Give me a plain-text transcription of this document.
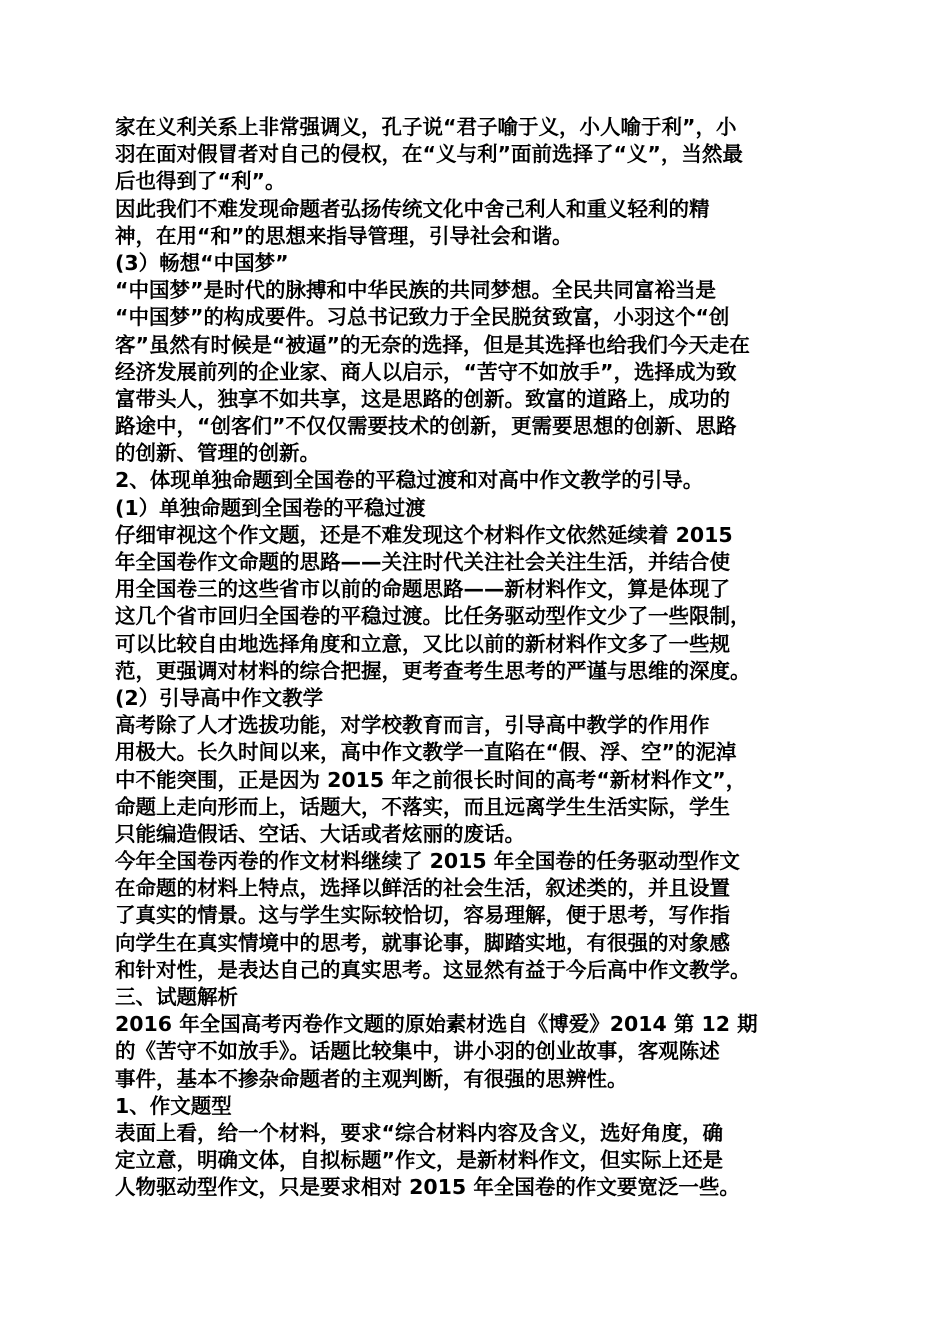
家在义利关系上非常强调义，孔子说“君子喻于义，小人喻于利”，小
羽在面对假冒者对自己的侵权，在“义与利”面前选择了“义”，当然最
后也得到了“利”。
因此我们不难发现命题者弘扬传统文化中舍己利人和重义轻利的精
神，在用“和”的思想来指导管理，引导社会和谐。
(3）畅想“中国梦”
“中国梦”是时代的脉搏和中华民族的共同梦想。全民共同富裕当是
“中国梦”的构成要件。习总书记致力于全民脱贫致富，小羽这个“创
客”虽然有时候是“被逼”的无奈的选择，但是其选择也给我们今天走在
经济发展前列的企业家、商人以启示，“苦守不如放手”，选择成为致
富带头人，独享不如共享，这是思路的创新。致富的道路上，成功的
路途中，“创客们”不仅仅需要技术的创新，更需要思想的创新、思路
的创新、管理的创新。
2、体现单独命题到全国卷的平稳过渡和对高中作文教学的引导。
(1）单独命题到全国卷的平稳过渡
仔细审视这个作文题，还是不难发现这个材料作文依然延续着 2015
年全国卷作文命题的思路——关注时代关注社会关注生活，并结合使
用全国卷三的这些省市以前的命题思路——新材料作文，算是体现了
这几个省市回归全国卷的平稳过渡。比任务驱动型作文少了一些限制，
可以比较自由地选择角度和立意，又比以前的新材料作文多了一些规
范，更强调对材料的综合把握，更考查考生思考的严谨与思维的深度。
(2）引导高中作文教学
高考除了人才选拔功能，对学校教育而言，引导高中教学的作用作
用极大。长久时间以来，高中作文教学一直陷在“假、浮、空”的泥淖
中不能突围，正是因为 2015 年之前很长时间的高考“新材料作文”，
命题上走向形而上，话题大，不落实，而且远离学生生活实际，学生
只能编造假话、空话、大话或者炫丽的废话。
今年全国卷丙卷的作文材料继续了 2015 年全国卷的任务驱动型作文
在命题的材料上特点，选择以鲜活的社会生活，叙述类的，并且设置
了真实的情景。这与学生实际较恰切，容易理解，便于思考，写作指
向学生在真实情境中的思考，就事论事，脚踏实地，有很强的对象感
和针对性，是表达自己的真实思考。这显然有益于今后高中作文教学。
三、试题解析
2016 年全国高考丙卷作文题的原始素材选自《博爱》2014 第 12 期
的《苦守不如放手》。话题比较集中，讲小羽的创业故事，客观陈述
事件，基本不掺杂命题者的主观判断，有很强的思辨性。
1、作文题型
表面上看，给一个材料，要求“综合材料内容及含义，选好角度，确
定立意，明确文体，自拟标题”作文，是新材料作文，但实际上还是
人物驱动型作文，只是要求相对 2015 年全国卷的作文要宽泛一些。
